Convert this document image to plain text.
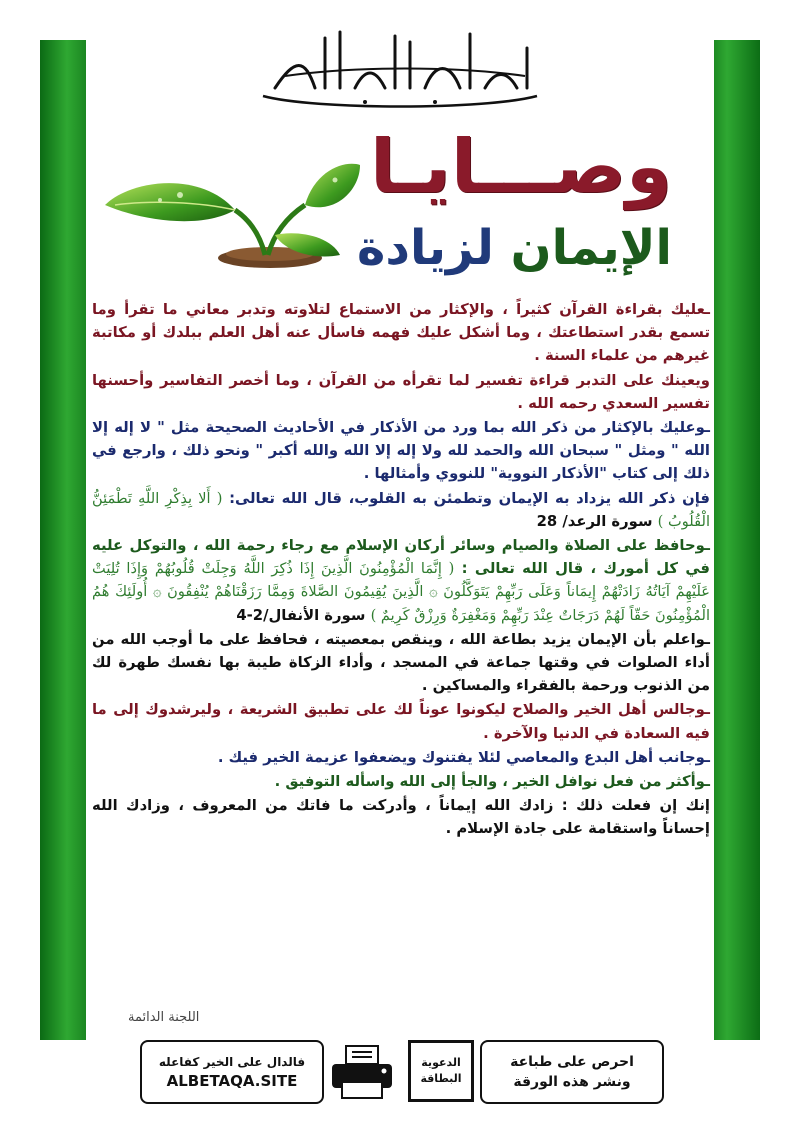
وصـــايـا
الإيمان لزيادة

ـعليك بقراءة القرآن كثيراً ، والإكثار من الاستماع لتلاوته وتدبر معاني ما تقرأ وما تسمع بقدر استطاعتك ، وما أشكل عليك فهمه فاسأل عنه أهل العلم ببلدك أو مكاتبة غيرهم من علماء السنة .

ويعينك على التدبر قراءة تفسير لما تقرأه من القرآن ، وما أخصر التفاسير وأحسنها تفسير السعدي رحمه الله .

ـوعليك بالإكثار من ذكر الله بما ورد من الأذكار في الأحاديث الصحيحة مثل " لا إله إلا الله " ومثل " سبحان الله والحمد لله ولا إله إلا الله والله أكبر " ونحو ذلك ، وارجع في ذلك إلى كتاب "الأذكار النووية" للنووي وأمثالها .

فإن ذكر الله يزداد به الإيمان وتطمئن به القلوب، قال الله تعالى: ( أَلا بِذِكْرِ اللَّهِ تَطْمَئِنُّ الْقُلُوبُ ) سورة الرعد/ 28

ـوحافظ على الصلاة والصيام وسائر أركان الإسلام مع رجاء رحمة الله ، والتوكل عليه في كل أمورك ، قال الله تعالى : ( إِنَّمَا الْمُؤْمِنُونَ الَّذِينَ إِذَا ذُكِرَ اللَّهُ وَجِلَتْ قُلُوبُهُمْ وَإِذَا تُلِيَتْ عَلَيْهِمْ آيَاتُهُ زَادَتْهُمْ إِيمَاناً وَعَلَى رَبِّهِمْ يَتَوَكَّلُونَ ۞ الَّذِينَ يُقِيمُونَ الصَّلاةَ وَمِمَّا رَزَقْنَاهُمْ يُنْفِقُونَ ۞ أُولَئِكَ هُمُ الْمُؤْمِنُونَ حَقّاً لَهُمْ دَرَجَاتٌ عِنْدَ رَبِّهِمْ وَمَغْفِرَةٌ وَرِزْقٌ كَرِيمٌ ) سورة الأنفال/2-4

ـواعلم بأن الإيمان يزيد بطاعة الله ، وينقص بمعصيته ، فحافظ على ما أوجب الله من أداء الصلوات في وقتها جماعة في المسجد ، وأداء الزكاة طيبة بها نفسك طهرة لك من الذنوب ورحمة بالفقراء والمساكين .

ـوجالس أهل الخير والصلاح ليكونوا عوناً لك على تطبيق الشريعة ، وليرشدوك إلى ما فيه السعادة في الدنيا والآخرة .

ـوجانب أهل البدع والمعاصي لئلا يفتنوك ويضعفوا عزيمة الخير فيك .

ـوأكثر من فعل نوافل الخير ، والجأ إلى الله واسأله التوفيق .

إنك إن فعلت ذلك : زادك الله إيماناً ، وأدركت ما فاتك من المعروف ، وزادك الله إحساناً واستقامة على جادة الإسلام .

اللجنة الدائمة
فالدال على الخير كفاعله
ALBETAQA.SITE
الدعوية
البطاقة
احرص على طباعة
ونشر هذه الورقة
